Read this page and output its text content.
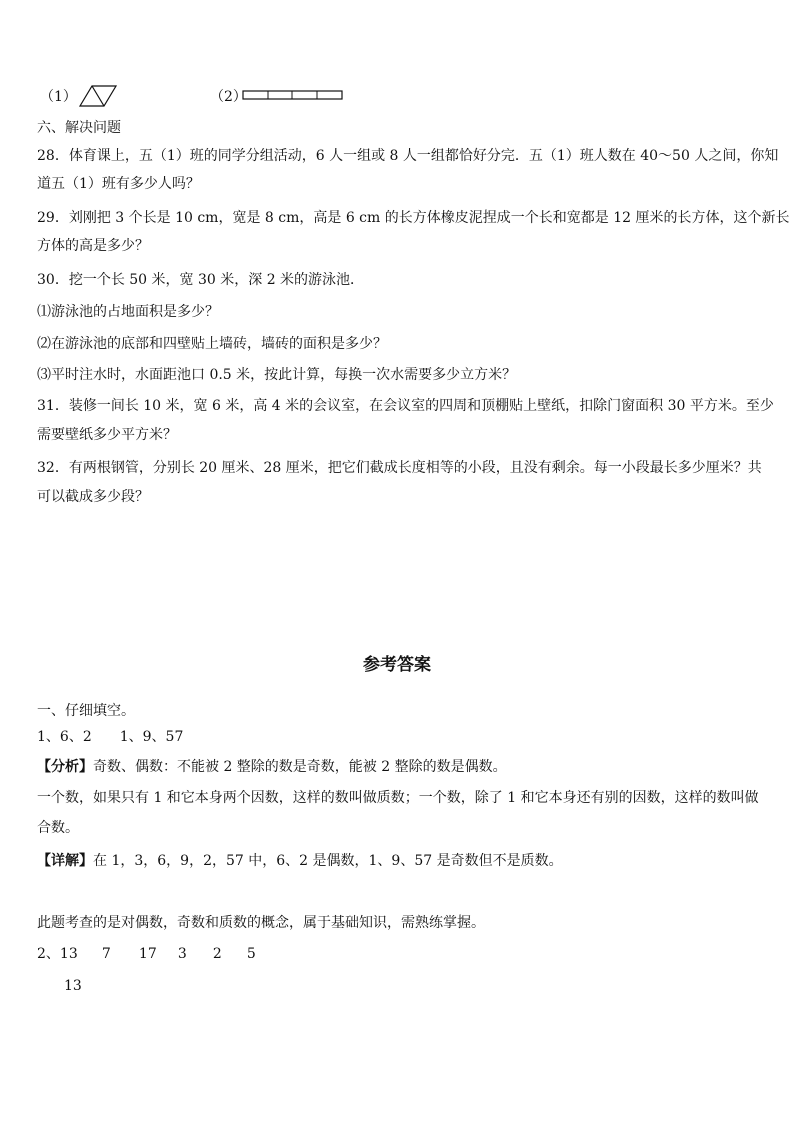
（1）	（2）
六、解决问题
28．体育课上，五（1）班的同学分组活动，6 人一组或 8 人一组都恰好分完．五（1）班人数在 40～50 人之间，你知
道五（1）班有多少人吗？
29．刘刚把 3 个长是 10 cm，宽是 8 cm，高是 6 cm 的长方体橡皮泥捏成一个长和宽都是 12 厘米的长方体，这个新长
方体的高是多少？
30．挖一个长 50 米，宽 30 米，深 2 米的游泳池．
⑴游泳池的占地面积是多少？
⑵在游泳池的底部和四壁贴上墙砖，墙砖的面积是多少？
⑶平时注水时，水面距池口 0.5 米，按此计算，每换一次水需要多少立方米？
31．装修一间长 10 米，宽 6 米，高 4 米的会议室，在会议室的四周和顶棚贴上壁纸，扣除门窗面积 30 平方米。至少
需要壁纸多少平方米？
32．有两根钢管，分别长 20 厘米、28 厘米，把它们截成长度相等的小段，且没有剩余。每一小段最长多少厘米？共
可以截成多少段？
参考答案
一、仔细填空。
1、6、2　　1、9、57
【分析】奇数、偶数：不能被 2 整除的数是奇数，能被 2 整除的数是偶数。
一个数，如果只有 1 和它本身两个因数，这样的数叫做质数；一个数，除了 1 和它本身还有别的因数，这样的数叫做
合数。
【详解】在 1，3，6，9，2，57 中，6、2 是偶数，1、9、57 是奇数但不是质数。
此题考查的是对偶数，奇数和质数的概念，属于基础知识，需熟练掌握。
2、13 7 17 3 2 5
13
